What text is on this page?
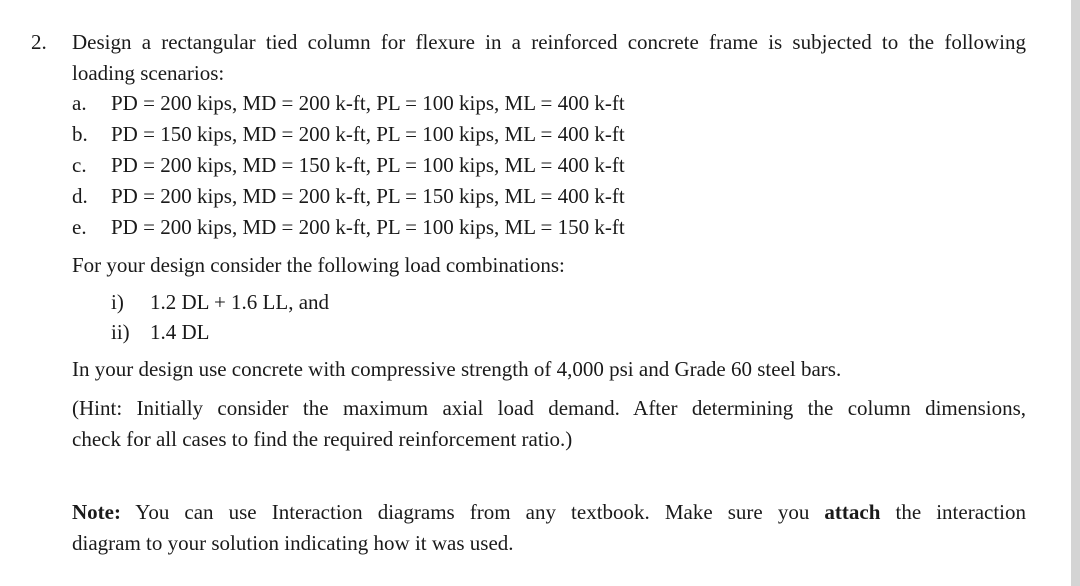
2. Design a rectangular tied column for flexure in a reinforced concrete frame is subjected to the following
loading scenarios:
a. PD = 200 kips, MD = 200 k-ft, PL = 100 kips, ML = 400 k-ft
b. PD = 150 kips, MD = 200 k-ft, PL = 100 kips, ML = 400 k-ft
c. PD = 200 kips, MD = 150 k-ft, PL = 100 kips, ML = 400 k-ft
d. PD = 200 kips, MD = 200 k-ft, PL = 150 kips, ML = 400 k-ft
e. PD = 200 kips, MD = 200 k-ft, PL = 100 kips, ML = 150 k-ft
For your design consider the following load combinations:
i) 1.2 DL + 1.6 LL, and
ii) 1.4 DL
In your design use concrete with compressive strength of 4,000 psi and Grade 60 steel bars.
(Hint: Initially consider the maximum axial load demand. After determining the column dimensions,
check for all cases to find the required reinforcement ratio.)
Note: You can use Interaction diagrams from any textbook. Make sure you attach the interaction
diagram to your solution indicating how it was used.
